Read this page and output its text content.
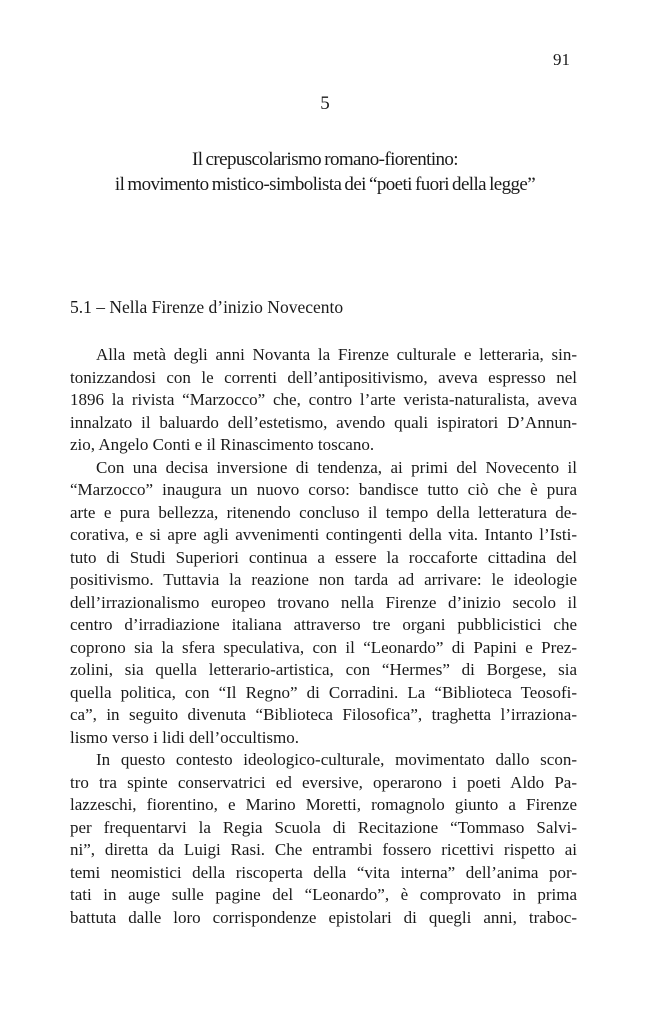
91
5
Il crepuscolarismo romano-fiorentino:
il movimento mistico-simbolista dei “poeti fuori della legge”
5.1 – Nella Firenze d’inizio Novecento
Alla metà degli anni Novanta la Firenze culturale e letteraria, sin-
tonizzandosi con le correnti dell’antipositivismo, aveva espresso nel
1896 la rivista “Marzocco” che, contro l’arte verista-naturalista, aveva
innalzato il baluardo dell’estetismo, avendo quali ispiratori D’Annun-
zio, Angelo Conti e il Rinascimento toscano.
Con una decisa inversione di tendenza, ai primi del Novecento il
“Marzocco” inaugura un nuovo corso: bandisce tutto ciò che è pura
arte e pura bellezza, ritenendo concluso il tempo della letteratura de-
corativa, e si apre agli avvenimenti contingenti della vita. Intanto l’Isti-
tuto di Studi Superiori continua a essere la roccaforte cittadina del
positivismo. Tuttavia la reazione non tarda ad arrivare: le ideologie
dell’irrazionalismo europeo trovano nella Firenze d’inizio secolo il
centro d’irradiazione italiana attraverso tre organi pubblicistici che
coprono sia la sfera speculativa, con il “Leonardo” di Papini e Prez-
zolini, sia quella letterario-artistica, con “Hermes” di Borgese, sia
quella politica, con “Il Regno” di Corradini. La “Biblioteca Teosofi-
ca”, in seguito divenuta “Biblioteca Filosofica”, traghetta l’irraziona-
lismo verso i lidi dell’occultismo.
In questo contesto ideologico-culturale, movimentato dallo scon-
tro tra spinte conservatrici ed eversive, operarono i poeti Aldo Pa-
lazzeschi, fiorentino, e Marino Moretti, romagnolo giunto a Firenze
per frequentarvi la Regia Scuola di Recitazione “Tommaso Salvi-
ni”, diretta da Luigi Rasi. Che entrambi fossero ricettivi rispetto ai
temi neomistici della riscoperta della “vita interna” dell’anima por-
tati in auge sulle pagine del “Leonardo”, è comprovato in prima
battuta dalle loro corrispondenze epistolari di quegli anni, traboc-
